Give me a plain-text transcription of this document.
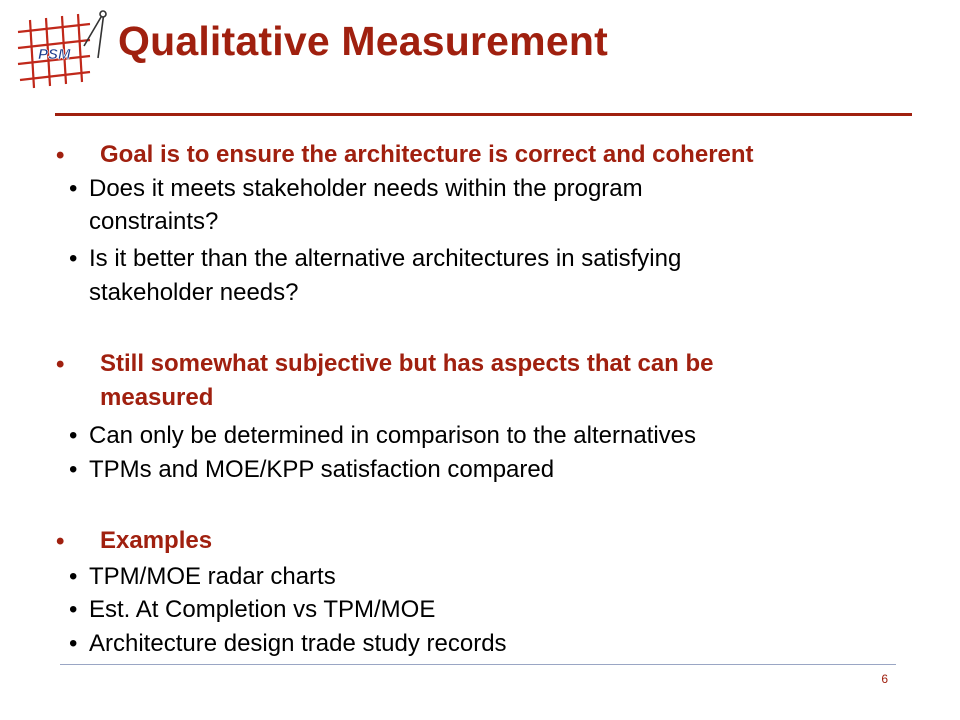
PSM Qualitative Measurement
• Goal is to ensure the architecture is correct and coherent
• Does it meets stakeholder needs within the program
constraints?
• Is it better than the alternative architectures in satisfying
stakeholder needs?
• Still somewhat subjective but has aspects that can be
measured
• Can only be determined in comparison to the alternatives
• TPMs and MOE/KPP satisfaction compared
• Examples
• TPM/MOE radar charts
• Est. At Completion vs TPM/MOE
• Architecture design trade study records
6
